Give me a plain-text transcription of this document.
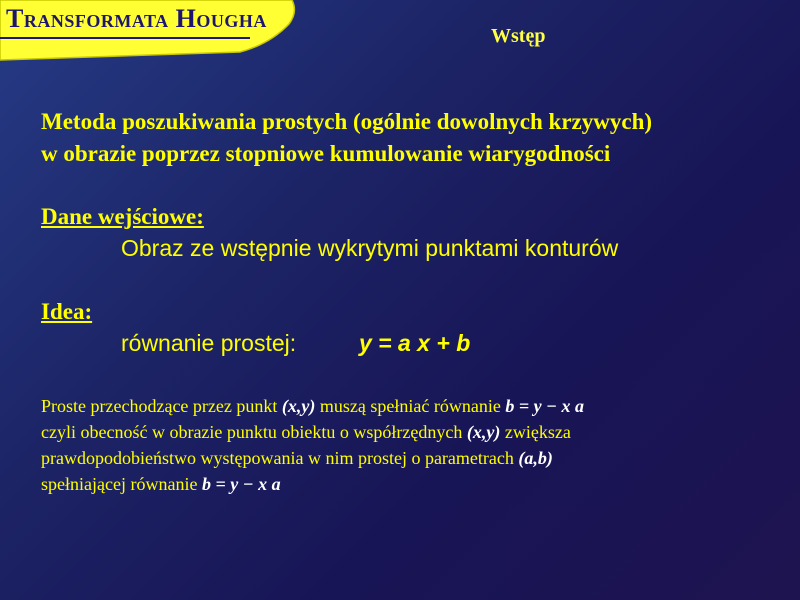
Transformata Hougha
Wstęp

Metoda poszukiwania prostych (ogólnie dowolnych krzywych)
w obrazie poprzez stopniowe kumulowanie wiarygodności

Dane wejściowe:

Obraz ze wstępnie wykrytymi punktami konturów

Idea:

równanie prostej:	y = a x + b

Proste przechodzące przez punkt (x,y) muszą spełniać równanie b = y − x a
czyli obecność w obrazie punktu obiektu o współrzędnych (x,y) zwiększa
prawdopodobieństwo występowania w nim prostej o parametrach (a,b)
spełniającej równanie b = y − x a
